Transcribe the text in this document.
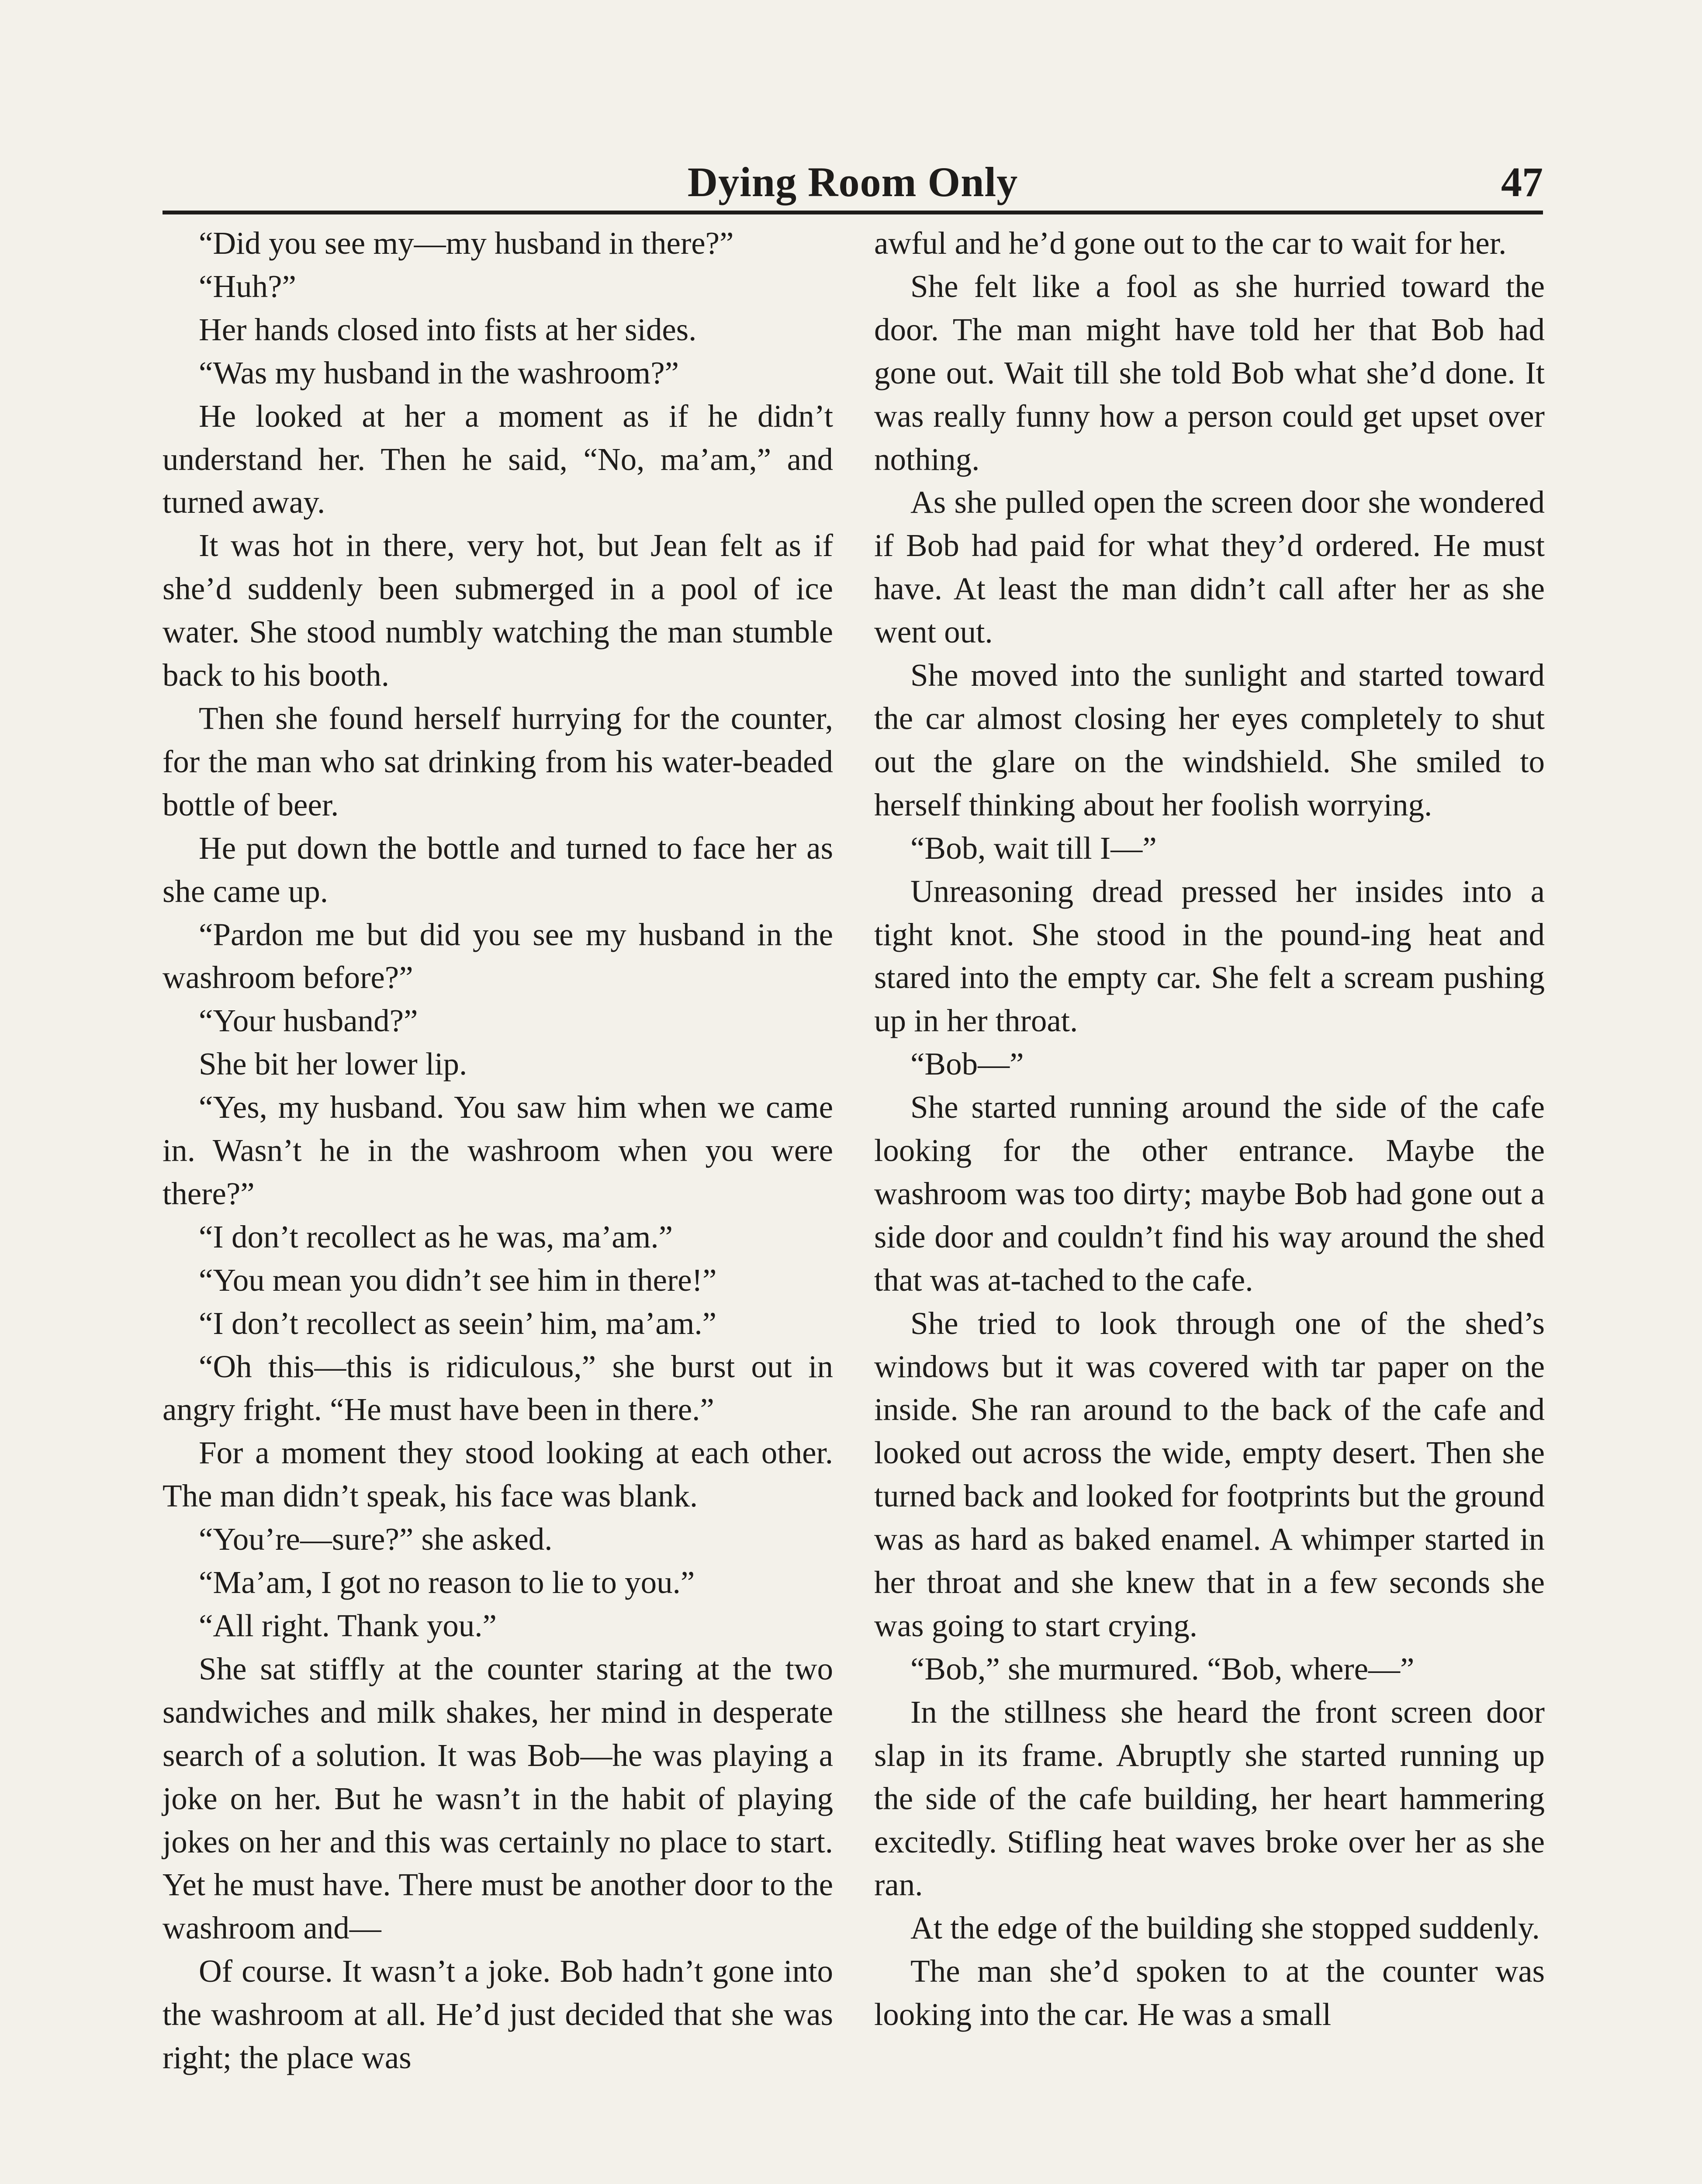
Dying Room Only	47

“Did you see my—my husband in there?”

“Huh?”

Her hands closed into fists at her sides.

“Was my husband in the washroom?”

He looked at her a moment as if he didn’t understand her. Then he said, “No, ma’am,” and turned away.

It was hot in there, very hot, but Jean felt as if she’d suddenly been submerged in a pool of ice water. She stood numbly watching the man stumble back to his booth.

Then she found herself hurrying for the counter, for the man who sat drinking from his water-beaded bottle of beer.

He put down the bottle and turned to face her as she came up.

“Pardon me but did you see my husband in the washroom before?”

“Your husband?”

She bit her lower lip.

“Yes, my husband. You saw him when we came in. Wasn’t he in the washroom when you were there?”

“I don’t recollect as he was, ma’am.”

“You mean you didn’t see him in there!”

“I don’t recollect as seein’ him, ma’am.”

“Oh this—this is ridiculous,” she burst out in angry fright. “He must have been in there.”

For a moment they stood looking at each other. The man didn’t speak, his face was blank.

“You’re—sure?” she asked.

“Ma’am, I got no reason to lie to you.”

“All right. Thank you.”

She sat stiffly at the counter staring at the two sandwiches and milk shakes, her mind in desperate search of a solution. It was Bob—he was playing a joke on her. But he wasn’t in the habit of playing jokes on her and this was certainly no place to start. Yet he must have. There must be another door to the washroom and—

Of course. It wasn’t a joke. Bob hadn’t gone into the washroom at all. He’d just decided that she was right; the place was

awful and he’d gone out to the car to wait for her.

She felt like a fool as she hurried toward the door. The man might have told her that Bob had gone out. Wait till she told Bob what she’d done. It was really funny how a person could get upset over nothing.

As she pulled open the screen door she wondered if Bob had paid for what they’d ordered. He must have. At least the man didn’t call after her as she went out.

She moved into the sunlight and started toward the car almost closing her eyes completely to shut out the glare on the windshield. She smiled to herself thinking about her foolish worrying.

“Bob, wait till I—”

Unreasoning dread pressed her insides into a tight knot. She stood in the pound-ing heat and stared into the empty car. She felt a scream pushing up in her throat.

“Bob—”

She started running around the side of the cafe looking for the other entrance. Maybe the washroom was too dirty; maybe Bob had gone out a side door and couldn’t find his way around the shed that was at-tached to the cafe.

She tried to look through one of the shed’s windows but it was covered with tar paper on the inside. She ran around to the back of the cafe and looked out across the wide, empty desert. Then she turned back and looked for footprints but the ground was as hard as baked enamel. A whimper started in her throat and she knew that in a few seconds she was going to start crying.

“Bob,” she murmured. “Bob, where—”

In the stillness she heard the front screen door slap in its frame. Abruptly she started running up the side of the cafe building, her heart hammering excitedly. Stifling heat waves broke over her as she ran.

At the edge of the building she stopped suddenly.

The man she’d spoken to at the counter was looking into the car. He was a small
